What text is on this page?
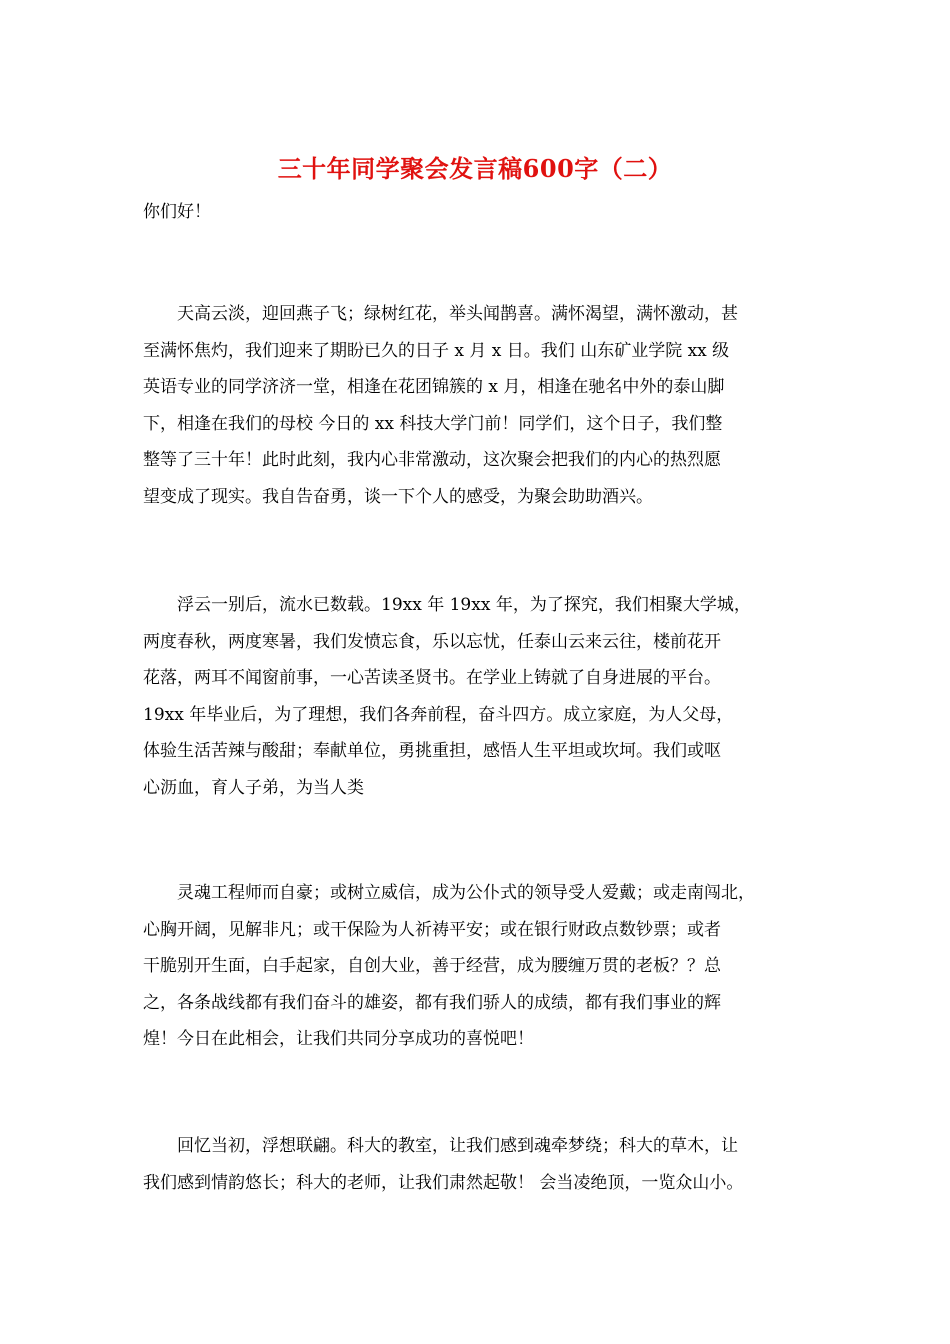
三十年同学聚会发言稿600字（二）
你们好！
　　天高云淡，迎回燕子飞；绿树红花，举头闻鹊喜。满怀渴望，满怀激动，甚
至满怀焦灼，我们迎来了期盼已久的日子 x 月 x 日。我们 山东矿业学院 xx 级
英语专业的同学济济一堂，相逢在花团锦簇的 x 月，相逢在驰名中外的泰山脚
下，相逢在我们的母校 今日的 xx 科技大学门前！同学们，这个日子，我们整
整等了三十年！此时此刻，我内心非常激动，这次聚会把我们的内心的热烈愿
望变成了现实。我自告奋勇，谈一下个人的感受，为聚会助助酒兴。
　　浮云一别后，流水已数载。19xx 年 19xx 年，为了探究，我们相聚大学城，
两度春秋，两度寒暑，我们发愤忘食，乐以忘忧，任泰山云来云往，楼前花开
花落，两耳不闻窗前事，一心苦读圣贤书。在学业上铸就了自身进展的平台。
19xx 年毕业后，为了理想，我们各奔前程，奋斗四方。成立家庭，为人父母，
体验生活苦辣与酸甜；奉献单位，勇挑重担，感悟人生平坦或坎坷。我们或呕
心沥血，育人子弟，为当人类
　　灵魂工程师而自豪；或树立威信，成为公仆式的领导受人爱戴；或走南闯北，
心胸开阔，见解非凡；或干保险为人祈祷平安；或在银行财政点数钞票；或者
干脆别开生面，白手起家，自创大业，善于经营，成为腰缠万贯的老板？？总
之，各条战线都有我们奋斗的雄姿，都有我们骄人的成绩，都有我们事业的辉
煌！今日在此相会，让我们共同分享成功的喜悦吧！
　　回忆当初，浮想联翩。科大的教室，让我们感到魂牵梦绕；科大的草木，让
我们感到情韵悠长；科大的老师，让我们肃然起敬！ 会当凌绝顶，一览众山小。
